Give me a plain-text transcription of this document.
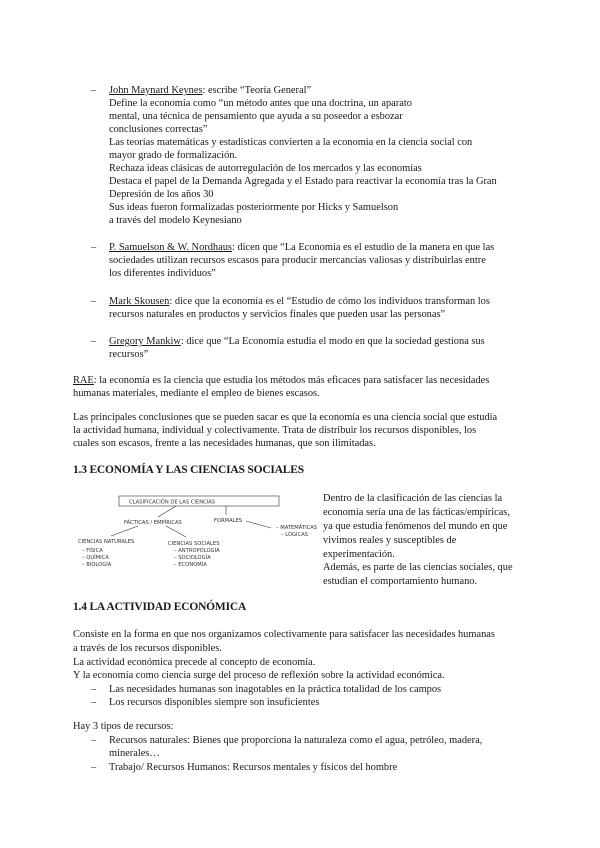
– John Maynard Keynes: escribe “Teoría General”
Define la economía como “un método antes que una doctrina, un aparato
mental, una técnica de pensamiento que ayuda a su poseedor a esbozar
conclusiones correctas”
Las teorías matemáticas y estadísticas convierten a la economía en la ciencia social con
mayor grado de formalización.
Rechaza ideas clásicas de autorregulación de los mercados y las economías
Destaca el papel de la Demanda Agregada y el Estado para reactivar la economía tras la Gran
Depresión de los años 30
Sus ideas fueron formalizadas posteriormente por Hicks y Samuelson
a través del modelo Keynesiano
– P. Samuelson & W. Nordhaus: dicen que “La Economía es el estudio de la manera en que las
sociedades utilizan recursos escasos para producir mercancías valiosas y distribuirlas entre
los diferentes individuos”
– Mark Skousen: dice que la economía es el “Estudio de cómo los individuos transforman los
recursos naturales en productos y servicios finales que pueden usar las personas”
– Gregory Mankiw: dice que “La Economía estudia el modo en que la sociedad gestiona sus
recursos”
RAE: la economía es la ciencia que estudia los métodos más eficaces para satisfacer las necesidades
humanas materiales, mediante el empleo de bienes escasos.
Las principales conclusiones que se pueden sacar es que la economía es una ciencia social que estudia
la actividad humana, individual y colectivamente. Trata de distribuir los recursos disponibles, los
cuales son escasos, frente a las necesidades humanas, que son ilimitadas.
1.3 ECONOMÍA Y LAS CIENCIAS SOCIALES
CLASIFICACIÓN DE LAS CIENCIAS
FÁCTICAS / EMPÍRICAS	FORMALES
– MATEMÁTICAS
– LÓGICAS
CIENCIAS NATURALES
– FÍSICA
– QUÍMICA
– BIOLOGÍA
CIENCIAS SOCIALES
– ANTROPOLOGÍA
– SOCIOLOGÍA
– ECONOMÍA
Dentro de la clasificación de las ciencias la
economía sería una de las fácticas/empíricas,
ya que estudia fenómenos del mundo en que
vivimos reales y susceptibles de
experimentación.
Además, es parte de las ciencias sociales, que
estudian el comportamiento humano.
1.4 LA ACTIVIDAD ECONÓMICA
Consiste en la forma en que nos organizamos colectivamente para satisfacer las necesidades humanas
a través de los recursos disponibles.
La actividad económica precede al concepto de economía.
Y la economía como ciencia surge del proceso de reflexión sobre la actividad económica.
– Las necesidades humanas son inagotables en la práctica totalidad de los campos
– Los recursos disponibles siempre son insuficientes
Hay 3 tipos de recursos:
– Recursos naturales: Bienes que proporciona la naturaleza como el agua, petróleo, madera,
minerales…
– Trabajo/ Recursos Humanos: Recursos mentales y físicos del hombre
